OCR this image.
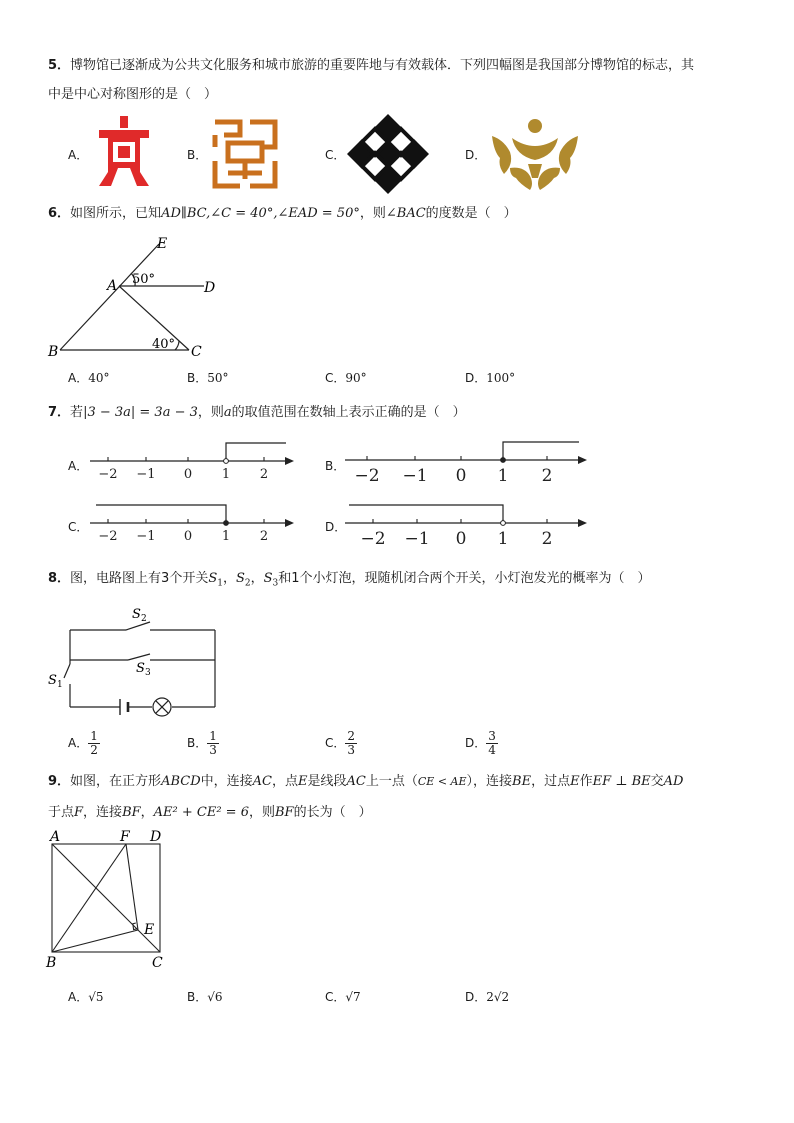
5．博物馆已逐渐成为公共文化服务和城市旅游的重要阵地与有效载体．下列四幅图是我国部分博物馆的标志，其
中是中心对称图形的是（　）
A．	B．	C．	D．
6．如图所示，已知AD∥BC,∠C = 40°,∠EAD = 50°，则∠BAC的度数是（　）
E
A	D
B	C
50°
40°
A．40°	B．50°	C．90°	D．100°
7．若|3 − 3a| = 3a − 3，则a的取值范围在数轴上表示正确的是（　）
A．
−2 −1 0 1 2
B． −2 −1 0 1 2
C．
−2 −1 0 1 2
D．
−2 −1 0 1 2
8．图，电路图上有3个开关$S_1$，$S_2$，$S_3$和1个小灯泡，现随机闭合两个开关，小灯泡发光的概率为（　）
S 2
S 3
S 1
A． $\frac{1}{2}$	B． $\frac{1}{3}$	C． $\frac{2}{3}$	D． $\frac{3}{4}$
9．如图，在正方形ABCD中，连接AC，点E是线段AC上一点（CE < AE），连接BE，过点E作EF ⊥ BE交AD
于点F，连接BF，AE² + CE² = 6，则BF的长为（　）
A	F D
E
B	C
A．√5	B．√6	C．√7	D．2√2
